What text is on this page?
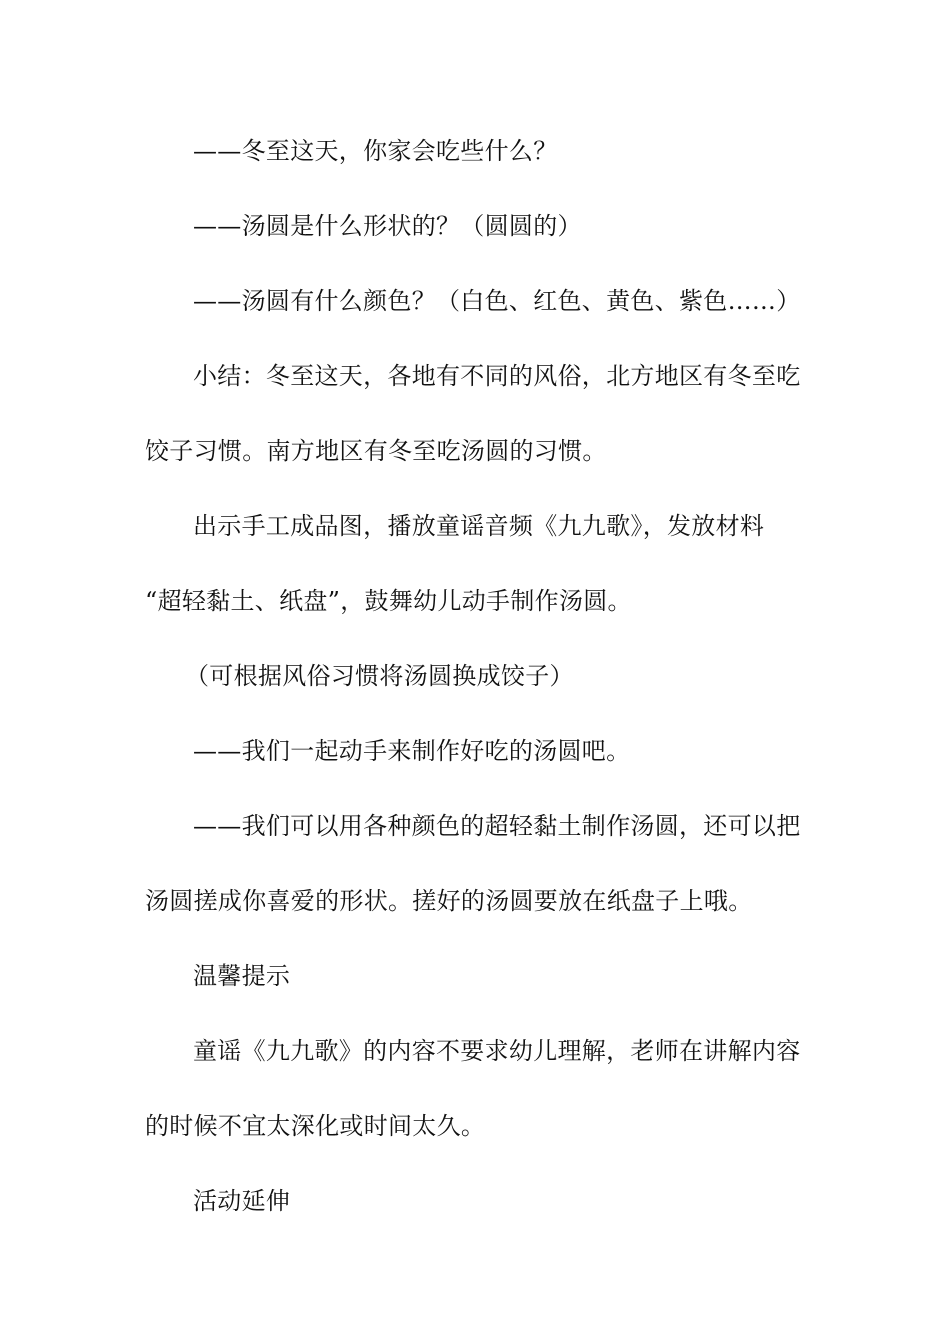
——冬至这天，你家会吃些什么？
——汤圆是什么形状的？（圆圆的）
——汤圆有什么颜色？（白色、红色、黄色、紫色……）
小结：冬至这天，各地有不同的风俗，北方地区有冬至吃
饺子习惯。南方地区有冬至吃汤圆的习惯。
出示手工成品图，播放童谣音频《九九歌》，发放材料
“超轻黏土、纸盘”，鼓舞幼儿动手制作汤圆。
（可根据风俗习惯将汤圆换成饺子）
——我们一起动手来制作好吃的汤圆吧。
——我们可以用各种颜色的超轻黏土制作汤圆，还可以把
汤圆搓成你喜爱的形状。搓好的汤圆要放在纸盘子上哦。
温馨提示
童谣《九九歌》的内容不要求幼儿理解，老师在讲解内容
的时候不宜太深化或时间太久。
活动延伸
